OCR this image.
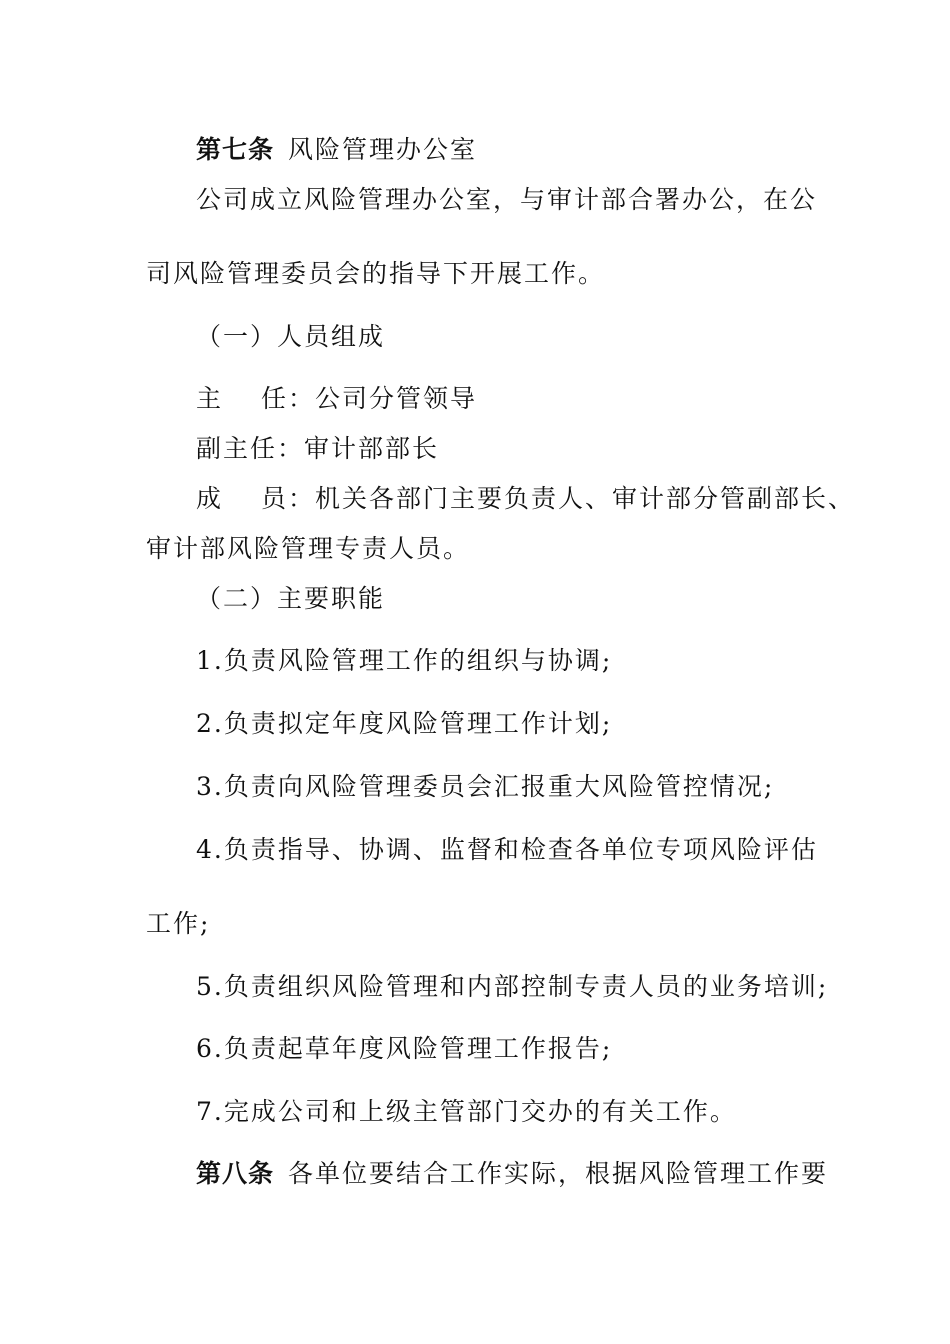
第七条 风险管理办公室
公司成立风险管理办公室，与审计部合署办公，在公
司风险管理委员会的指导下开展工作。
（一）人员组成
主 任：公司分管领导
副主任：审计部部长
成 员：机关各部门主要负责人、审计部分管副部长、
审计部风险管理专责人员。
（二）主要职能
1.负责风险管理工作的组织与协调;
2.负责拟定年度风险管理工作计划;
3.负责向风险管理委员会汇报重大风险管控情况;
4.负责指导、协调、监督和检查各单位专项风险评估
工作;
5.负责组织风险管理和内部控制专责人员的业务培训;
6.负责起草年度风险管理工作报告;
7.完成公司和上级主管部门交办的有关工作。
第八条 各单位要结合工作实际，根据风险管理工作要
